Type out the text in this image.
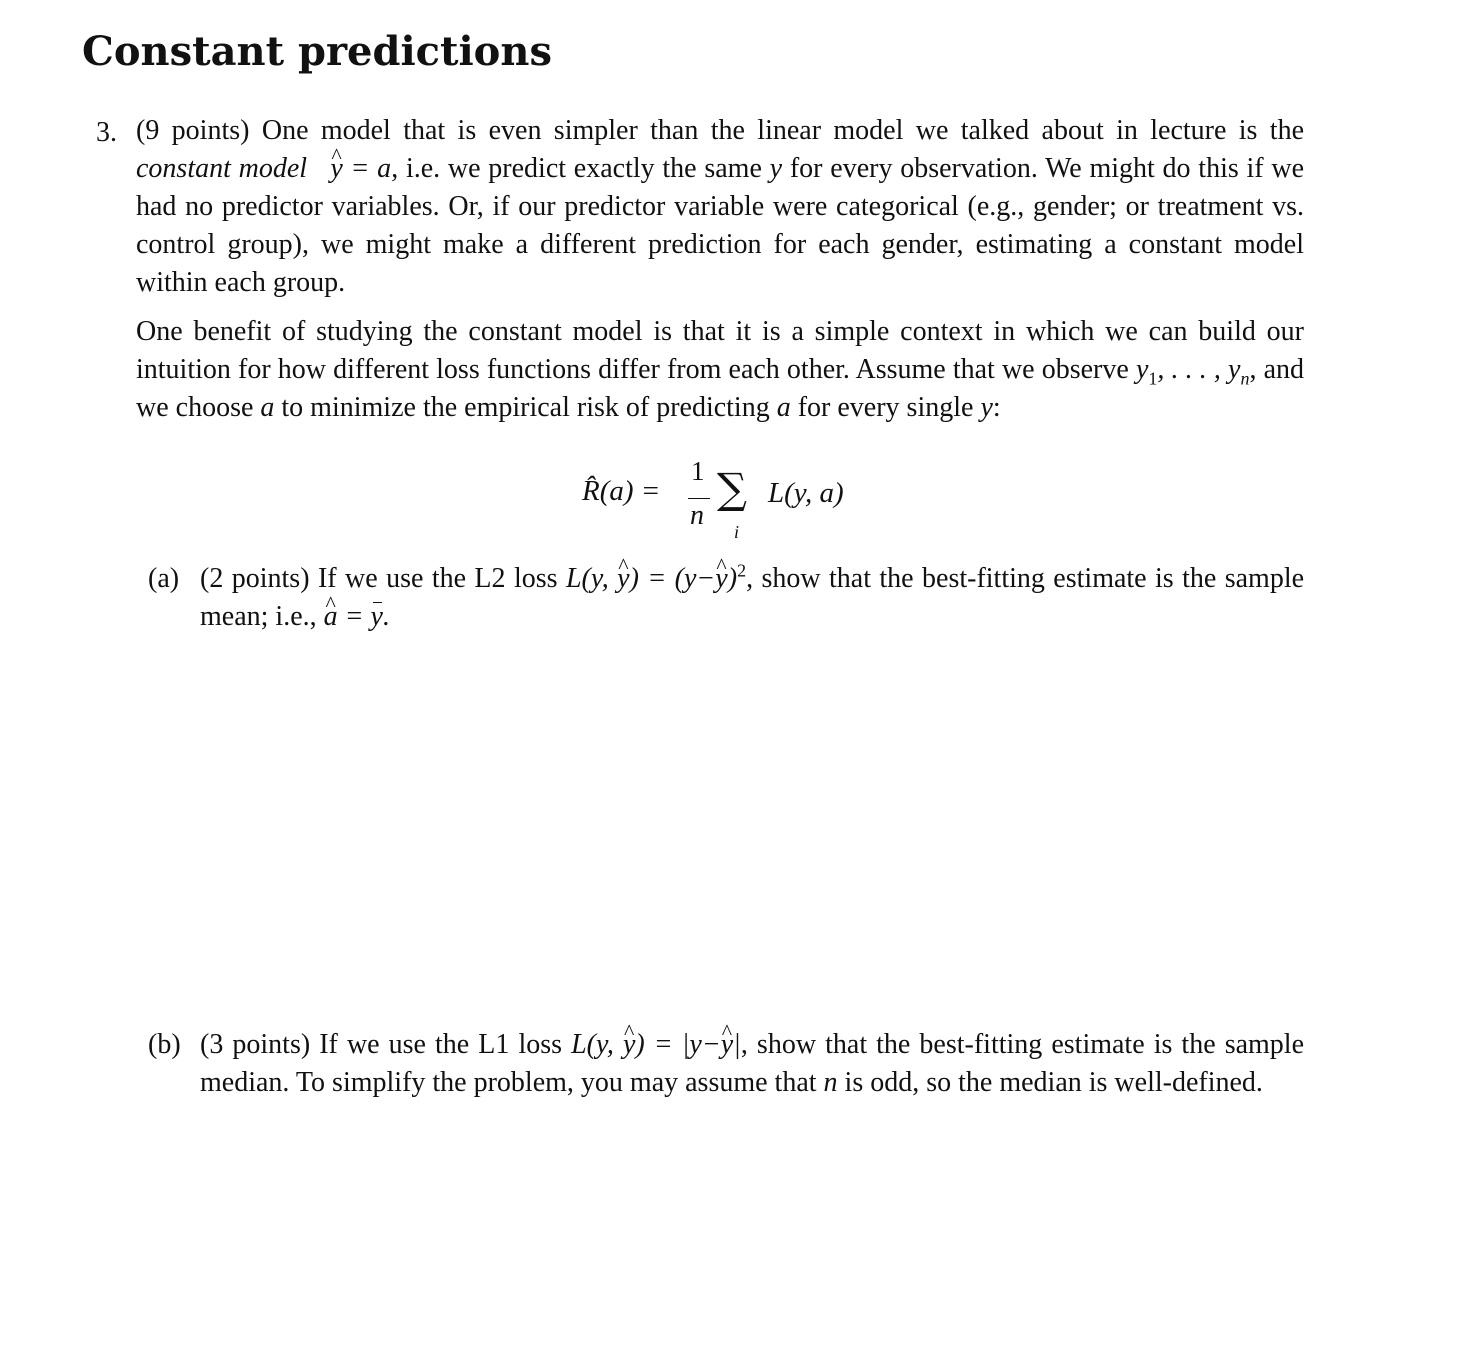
Constant predictions
3. (9 points) One model that is even simpler than the linear model we talked about in lecture is the constant model ^ y = a, i.e. we predict exactly the same y for every observation. We might do this if we had no predictor variables. Or, if our predictor variable were categorical (e.g., gender; or treatment vs. control group), we might make a different prediction for each gender, estimating a constant model within each group.

One benefit of studying the constant model is that it is a simple context in which we can build our intuition for how different loss functions differ from each other. Assume that we observe $y_1$, . . . , $y_n$, and we choose a to minimize the empirical risk of predicting a for every single y:

R̂(a) =
1
n
∑
i
L(y, a)
(a) (2 points) If we use the L2 loss L(y, ^ y) = (y−^ y)$^2$, show that the best-fitting estimate is the sample mean; i.e., ^ a = y.

(b) (3 points) If we use the L1 loss L(y, ^ y) = |y−^ y|, show that the best-fitting estimate is the sample median. To simplify the problem, you may assume that n is odd, so the median is well-defined.
